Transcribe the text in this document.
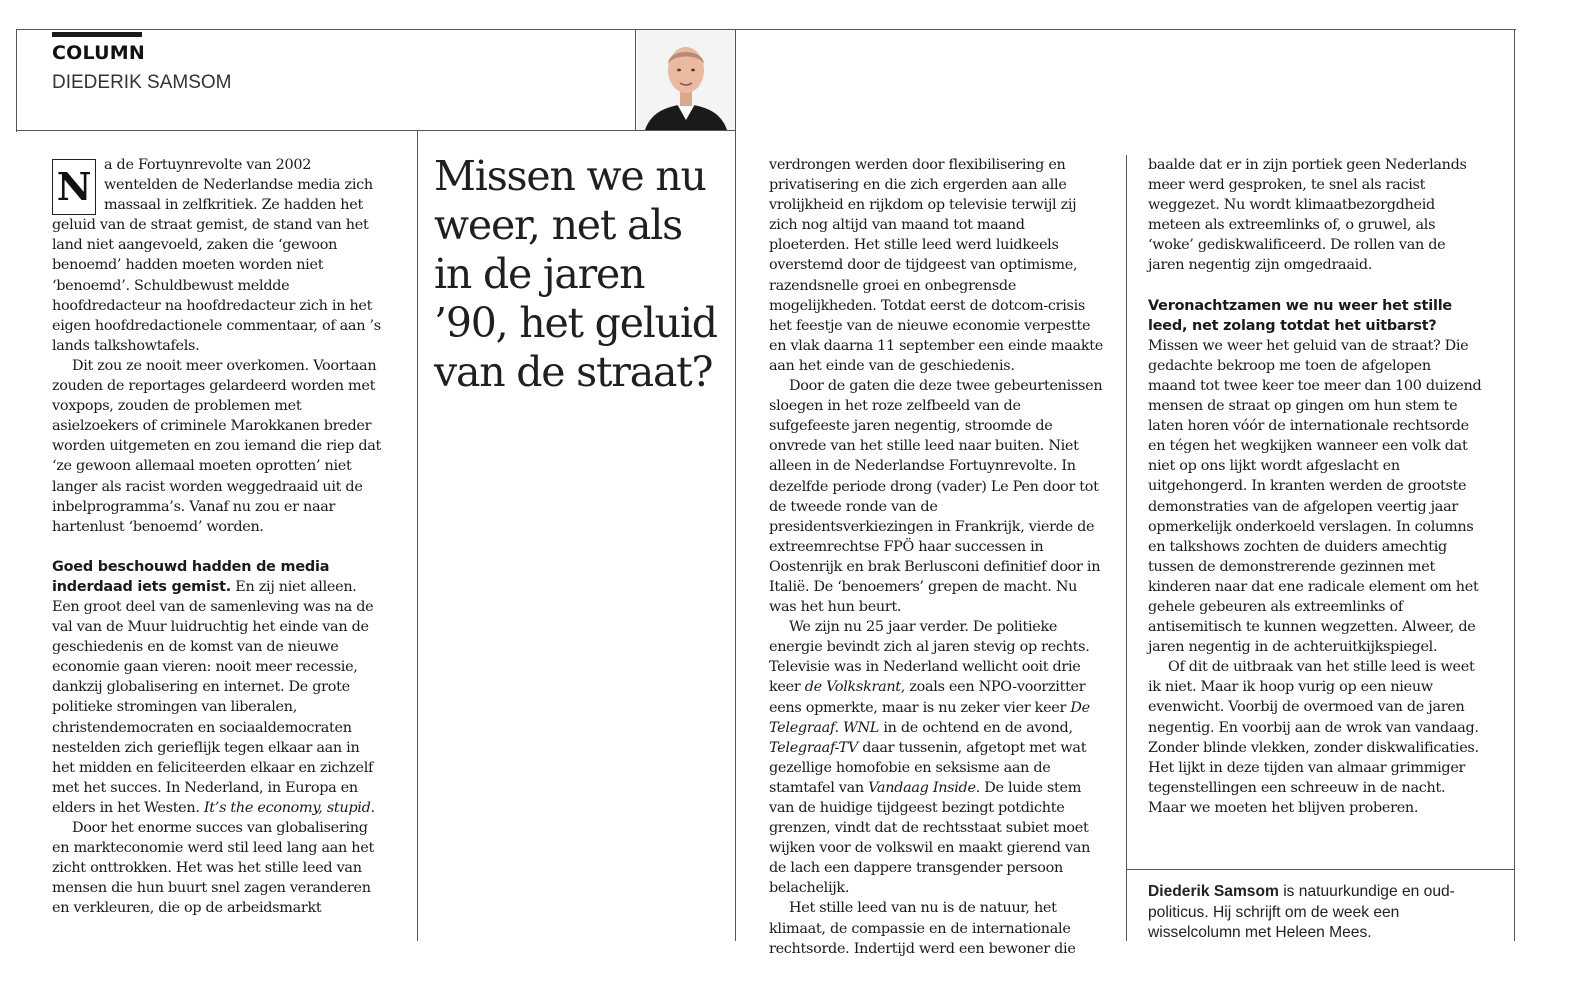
COLUMN
DIEDERIK SAMSOM
Missen we nu weer, net als in de jaren ’90, het geluid van de straat?
N a de Fortuynrevolte van 2002 wentelden de Nederlandse media zich massaal in zelfkritiek. Ze hadden het geluid van de straat gemist, de stand van het land niet aangevoeld, zaken die ‘gewoon benoemd’ hadden moeten worden niet ‘benoemd’. Schuldbewust meldde hoofdredacteur na hoofdredacteur zich in het eigen hoofdredactionele commentaar, of aan ’s lands talkshowtafels.

Dit zou ze nooit meer overkomen. Voortaan zouden de reportages gelardeerd worden met voxpops, zouden de problemen met asielzoekers of criminele Marokkanen breder worden uitgemeten en zou iemand die riep dat ‘ze gewoon allemaal moeten oprotten’ niet langer als racist worden weggedraaid uit de inbelprogramma’s. Vanaf nu zou er naar hartenlust ‘benoemd’ worden.

Goed beschouwd hadden de media inderdaad iets gemist. En zij niet alleen. Een groot deel van de samenleving was na de val van de Muur luidruchtig het einde van de geschiedenis en de komst van de nieuwe economie gaan vieren: nooit meer recessie, dankzij globalisering en internet. De grote politieke stromingen van liberalen, christendemocraten en sociaaldemocraten nestelden zich gerieflijk tegen elkaar aan in het midden en feliciteerden elkaar en zichzelf met het succes. In Nederland, in Europa en elders in het Westen. It’s the economy, stupid.

Door het enorme succes van globalisering en markteconomie werd stil leed lang aan het zicht onttrokken. Het was het stille leed van mensen die hun buurt snel zagen veranderen en verkleuren, die op de arbeidsmarkt

verdrongen werden door flexibilisering en privatisering en die zich ergerden aan alle vrolijkheid en rijkdom op televisie terwijl zij zich nog altijd van maand tot maand ploeterden. Het stille leed werd luidkeels overstemd door de tijdgeest van optimisme, razendsnelle groei en onbegrensde mogelijkheden. Totdat eerst de dotcom-crisis het feestje van de nieuwe economie verpestte en vlak daarna 11 september een einde maakte aan het einde van de geschiedenis.

Door de gaten die deze twee gebeurtenissen sloegen in het roze zelfbeeld van de sufgefeeste jaren negentig, stroomde de onvrede van het stille leed naar buiten. Niet alleen in de Nederlandse Fortuynrevolte. In dezelfde periode drong (vader) Le Pen door tot de tweede ronde van de presidentsverkiezingen in Frankrijk, vierde de extreemrechtse FPÖ haar successen in Oostenrijk en brak Berlusconi definitief door in Italië. De ‘benoemers’ grepen de macht. Nu was het hun beurt.

We zijn nu 25 jaar verder. De politieke energie bevindt zich al jaren stevig op rechts. Televisie was in Nederland wellicht ooit drie keer de Volkskrant, zoals een NPO-voorzitter eens opmerkte, maar is nu zeker vier keer De Telegraaf. WNL in de ochtend en de avond, Telegraaf-TV daar tussenin, afgetopt met wat gezellige homofobie en seksisme aan de stamtafel van Vandaag Inside. De luide stem van de huidige tijdgeest bezingt potdichte grenzen, vindt dat de rechtsstaat subiet moet wijken voor de volkswil en maakt gierend van de lach een dappere transgender persoon belachelijk.

Het stille leed van nu is de natuur, het klimaat, de compassie en de internationale rechtsorde. Indertijd werd een bewoner die

baalde dat er in zijn portiek geen Nederlands meer werd gesproken, te snel als racist weggezet. Nu wordt klimaatbezorgdheid meteen als extreemlinks of, o gruwel, als ‘woke’ gediskwalificeerd. De rollen van de jaren negentig zijn omgedraaid.

Veronachtzamen we nu weer het stille leed, net zolang totdat het uitbarst?

Missen we weer het geluid van de straat? Die gedachte bekroop me toen de afgelopen maand tot twee keer toe meer dan 100 duizend mensen de straat op gingen om hun stem te laten horen vóór de internationale rechtsorde en tégen het wegkijken wanneer een volk dat niet op ons lijkt wordt afgeslacht en uitgehongerd. In kranten werden de grootste demonstraties van de afgelopen veertig jaar opmerkelijk onderkoeld verslagen. In columns en talkshows zochten de duiders amechtig tussen de demonstrerende gezinnen met kinderen naar dat ene radicale element om het gehele gebeuren als extreemlinks of antisemitisch te kunnen wegzetten. Alweer, de jaren negentig in de achteruitkijkspiegel.

Of dit de uitbraak van het stille leed is weet ik niet. Maar ik hoop vurig op een nieuw evenwicht. Voorbij de overmoed van de jaren negentig. En voorbij aan de wrok van vandaag. Zonder blinde vlekken, zonder diskwalificaties. Het lijkt in deze tijden van almaar grimmiger tegenstellingen een schreeuw in de nacht. Maar we moeten het blijven proberen.

Diederik Samsom is natuurkundige en oud-politicus. Hij schrijft om de week een wisselcolumn met Heleen Mees.
